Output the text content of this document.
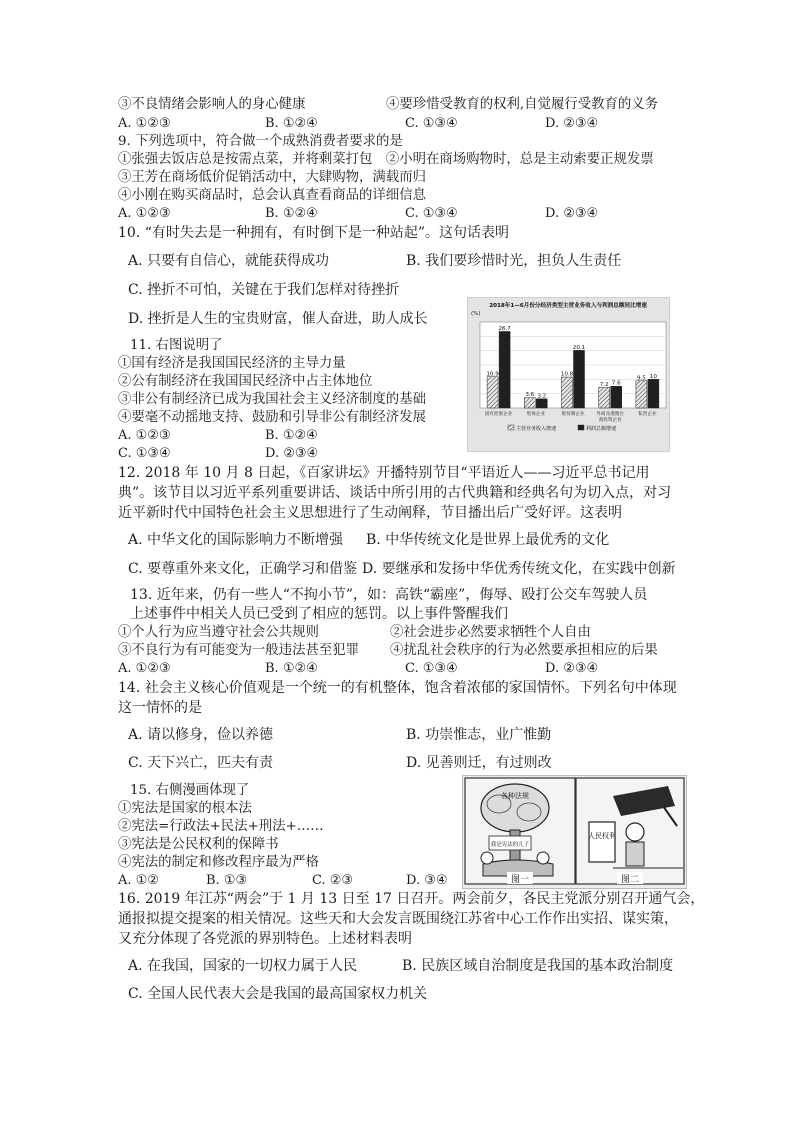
③不良情绪会影响人的身心健康	④要珍惜受教育的权利,自觉履行受教育的义务
A. ①②③	B. ①②④	C. ①③④	D. ②③④
9. 下列选项中，符合做一个成熟消费者要求的是
①张强去饭店总是按需点菜，并将剩菜打包　②小明在商场购物时，总是主动索要正规发票
③王芳在商场低价促销活动中，大肆购物，满载而归
④小刚在购买商品时，总会认真查看商品的详细信息
A. ①②③	B. ①②④	C. ①③④	D. ②③④
10. “有时失去是一种拥有，有时倒下是一种站起”。这句话表明
A. 只要有自信心，就能获得成功	B. 我们要珍惜时光，担负人生责任
C. 挫折不可怕，关键在于我们怎样对待挫折
D. 挫折是人生的宝贵财富，催人奋进，助人成长
2018年1—6月份分经济类型主营业务收入与利润总额同比增速
(%)
10.9
26.7
国有控股企业
3.6 3.2
集体企业
10.8
20.1
股份制企业
7.2 7.6
外商及港澳台
商投资企业
9.5 10
私营企业
主营业务收入增速	利润总额增速
11. 右图说明了
①国有经济是我国国民经济的主导力量
②公有制经济在我国国民经济中占主体地位
③非公有制经济已成为我国社会主义经济制度的基础
④要毫不动摇地支持、鼓励和引导非公有制经济发展
A. ①②③	B. ①②④
C. ①③④	D. ②③④
12. 2018 年 10 月 8 日起，《百家讲坛》开播特别节目“平语近人——习近平总书记用
典”。该节目以习近平系列重要讲话、谈话中所引用的古代典籍和经典名句为切入点，对习
近平新时代中国特色社会主义思想进行了生动阐释，节目播出后广受好评。这表明
A. 中华文化的国际影响力不断增强 B. 中华传统文化是世界上最优秀的文化
C. 要尊重外来文化，正确学习和借鉴 D. 要继承和发扬中华优秀传统文化，在实践中创新
13. 近年来，仍有一些人“不拘小节”，如：高铁“霸座”，侮辱、殴打公交车驾驶人员
上述事件中相关人员已受到了相应的惩罚。以上事件警醒我们
①个人行为应当遵守社会公共规则	②社会进步必然要求牺牲个人自由
③不良行为有可能变为一般违法甚至犯罪 ④扰乱社会秩序的行为必然要承担相应的后果
A. ①②③	B. ①②④	C. ①③④	D. ②③④
14. 社会主义核心价值观是一个统一的有机整体，饱含着浓郁的家国情怀。下列名句中体现
这一情怀的是
A. 请以修身，俭以养德	B. 功崇惟志，业广惟勤
C. 天下兴亡，匹夫有责	D. 见善则迁，有过则改
各种法规
我是宪法的儿子
人民权利
图一	图二
15. 右侧漫画体现了
①宪法是国家的根本法
②宪法=行政法+民法+刑法+……
③宪法是公民权利的保障书
④宪法的制定和修改程序最为严格
A. ①②	B. ①③	C. ②③	D. ③④
16. 2019 年江苏“两会”于 1 月 13 日至 17 日召开。两会前夕，各民主党派分别召开通气会，
通报拟提交提案的相关情况。这些天和大会发言既围绕江苏省中心工作作出实招、谋实策，
又充分体现了各党派的界别特色。上述材料表明
A. 在我国，国家的一切权力属于人民	B. 民族区域自治制度是我国的基本政治制度
C. 全国人民代表大会是我国的最高国家权力机关
